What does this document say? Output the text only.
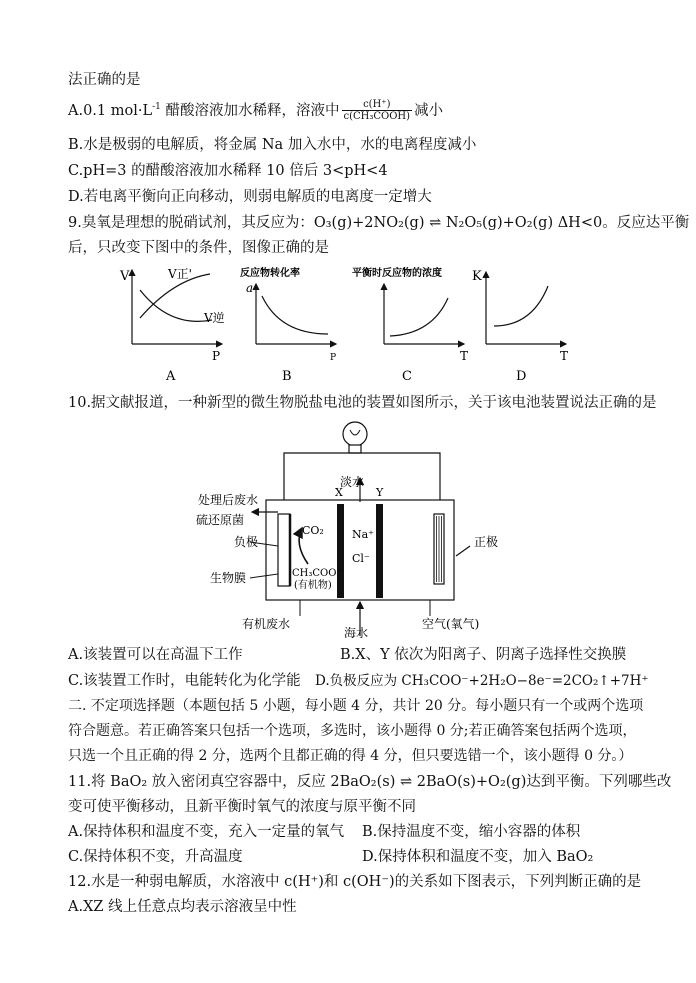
法正确的是
A.0.1 $mol\cdot L^{-1}$ 醋酸溶液加水稀释，溶液中 $\frac{c(H^+)}{\text{c(CH₃COOH)}}$ 减小
B.水是极弱的电解质，将金属 Na 加入水中，水的电离程度减小
C.pH=3 的醋酸溶液加水稀释 10 倍后 3<pH<4
D.若电离平衡向正向移动，则弱电解质的电离度一定增大
9.臭氧是理想的脱硝试剂，其反应为：O₃(g)+2NO₂(g) ⇌ N₂O₅(g)+O₂(g) ΔH<0。反应达平衡
后，只改变下图中的条件，图像正确的是
V	V正'
V逆
P
A
反应物转化率
a
P
B
平衡时反应物的浓度
T
C
K
T
D
10.据文献报道，一种新型的微生物脱盐电池的装置如图所示，关于该电池装置说法正确的是
淡水
X	Y
处理后废水
硫还原菌
CO₂
负极
生物膜	CH₃COO⁻
(有机物)
Na⁺
Cl⁻
正极
有机废水
海水
空气(氧气)
A.该装置可以在高温下工作	B.X、Y 依次为阳离子、阴离子选择性交换膜
C.该装置工作时，电能转化为化学能 D.负极反应为 CH₃COO⁻+2H₂O−8e⁻=2CO₂↑+7H⁺
二. 不定项选择题（本题包括 5 小题，每小题 4 分，共计 20 分。每小题只有一个或两个选项
符合题意。若正确答案只包括一个选项，多选时，该小题得 0 分;若正确答案包括两个选项，
只选一个且正确的得 2 分，选两个且都正确的得 4 分，但只要选错一个，该小题得 0 分。）
11.将 BaO₂ 放入密闭真空容器中，反应 2BaO₂(s) ⇌ 2BaO(s)+O₂(g)达到平衡。下列哪些改
变可使平衡移动，且新平衡时氧气的浓度与原平衡不同
A.保持体积和温度不变，充入一定量的氧气 B.保持温度不变，缩小容器的体积
C.保持体积不变，升高温度	D.保持体积和温度不变，加入 BaO₂
12.水是一种弱电解质，水溶液中 c(H⁺)和 c(OH⁻)的关系如下图表示，下列判断正确的是
A.XZ 线上任意点均表示溶液呈中性
